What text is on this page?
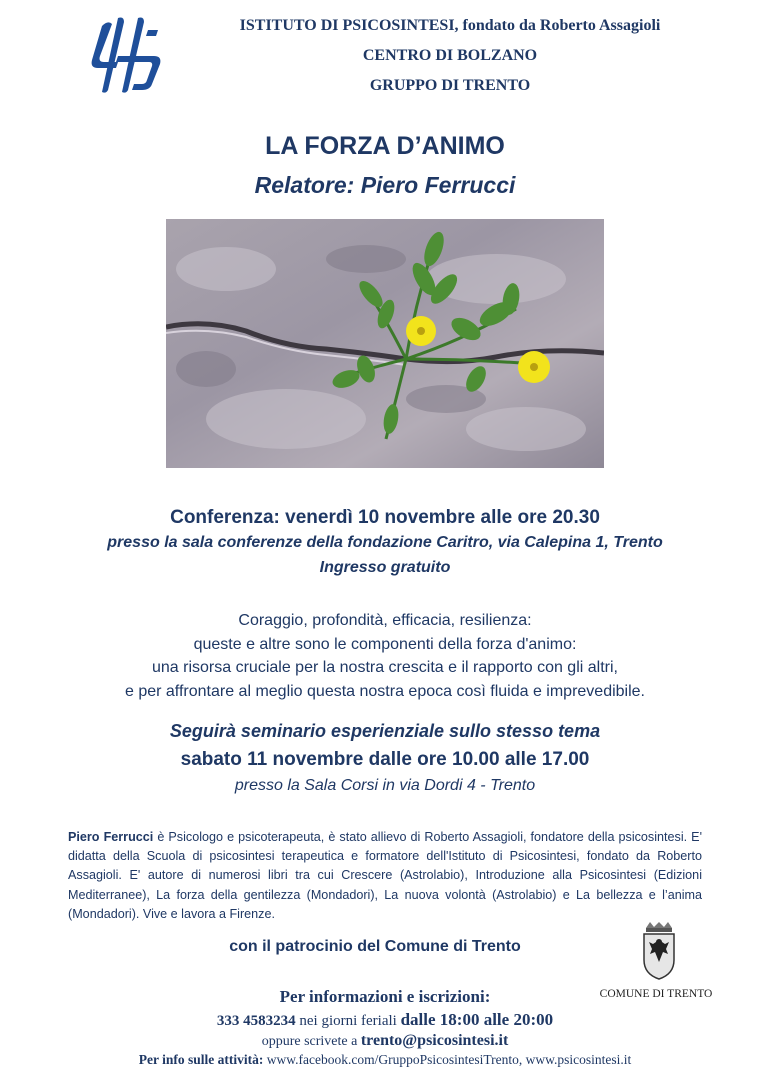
ISTITUTO DI PSICOSINTESI, fondato da Roberto Assagioli
CENTRO DI BOLZANO
GRUPPO DI TRENTO
LA FORZA D’ANIMO
Relatore: Piero Ferrucci
Conferenza: venerdì 10 novembre alle ore 20.30
presso la sala conferenze della fondazione Caritro, via Calepina 1, Trento
Ingresso gratuito
Coraggio, profondità, efficacia, resilienza:
queste e altre sono le componenti della forza d'animo:
una risorsa cruciale per la nostra crescita e il rapporto con gli altri,
e per affrontare al meglio questa nostra epoca così fluida e imprevedibile.
Seguirà seminario esperienziale sullo stesso tema
sabato 11 novembre dalle ore 10.00 alle 17.00
presso la Sala Corsi in via Dordi 4 - Trento
Piero Ferrucci è Psicologo e psicoterapeuta, è stato allievo di Roberto Assagioli, fondatore della psicosintesi. E' didatta della Scuola di psicosintesi terapeutica e formatore dell'Istituto di Psicosintesi, fondato da Roberto Assagioli. E' autore di numerosi libri tra cui Crescere (Astrolabio), Introduzione alla Psicosintesi (Edizioni Mediterranee), La forza della gentilezza (Mondadori), La nuova volontà (Astrolabio) e La bellezza e l’anima (Mondadori). Vive e lavora a Firenze.
con il patrocinio del Comune di Trento
COMUNE DI TRENTO
Per informazioni e iscrizioni:
333 4583234 nei giorni feriali dalle 18:00 alle 20:00
oppure scrivete a trento@psicosintesi.it
Per info sulle attività: www.facebook.com/GruppoPsicosintesiTrento, www.psicosintesi.it
